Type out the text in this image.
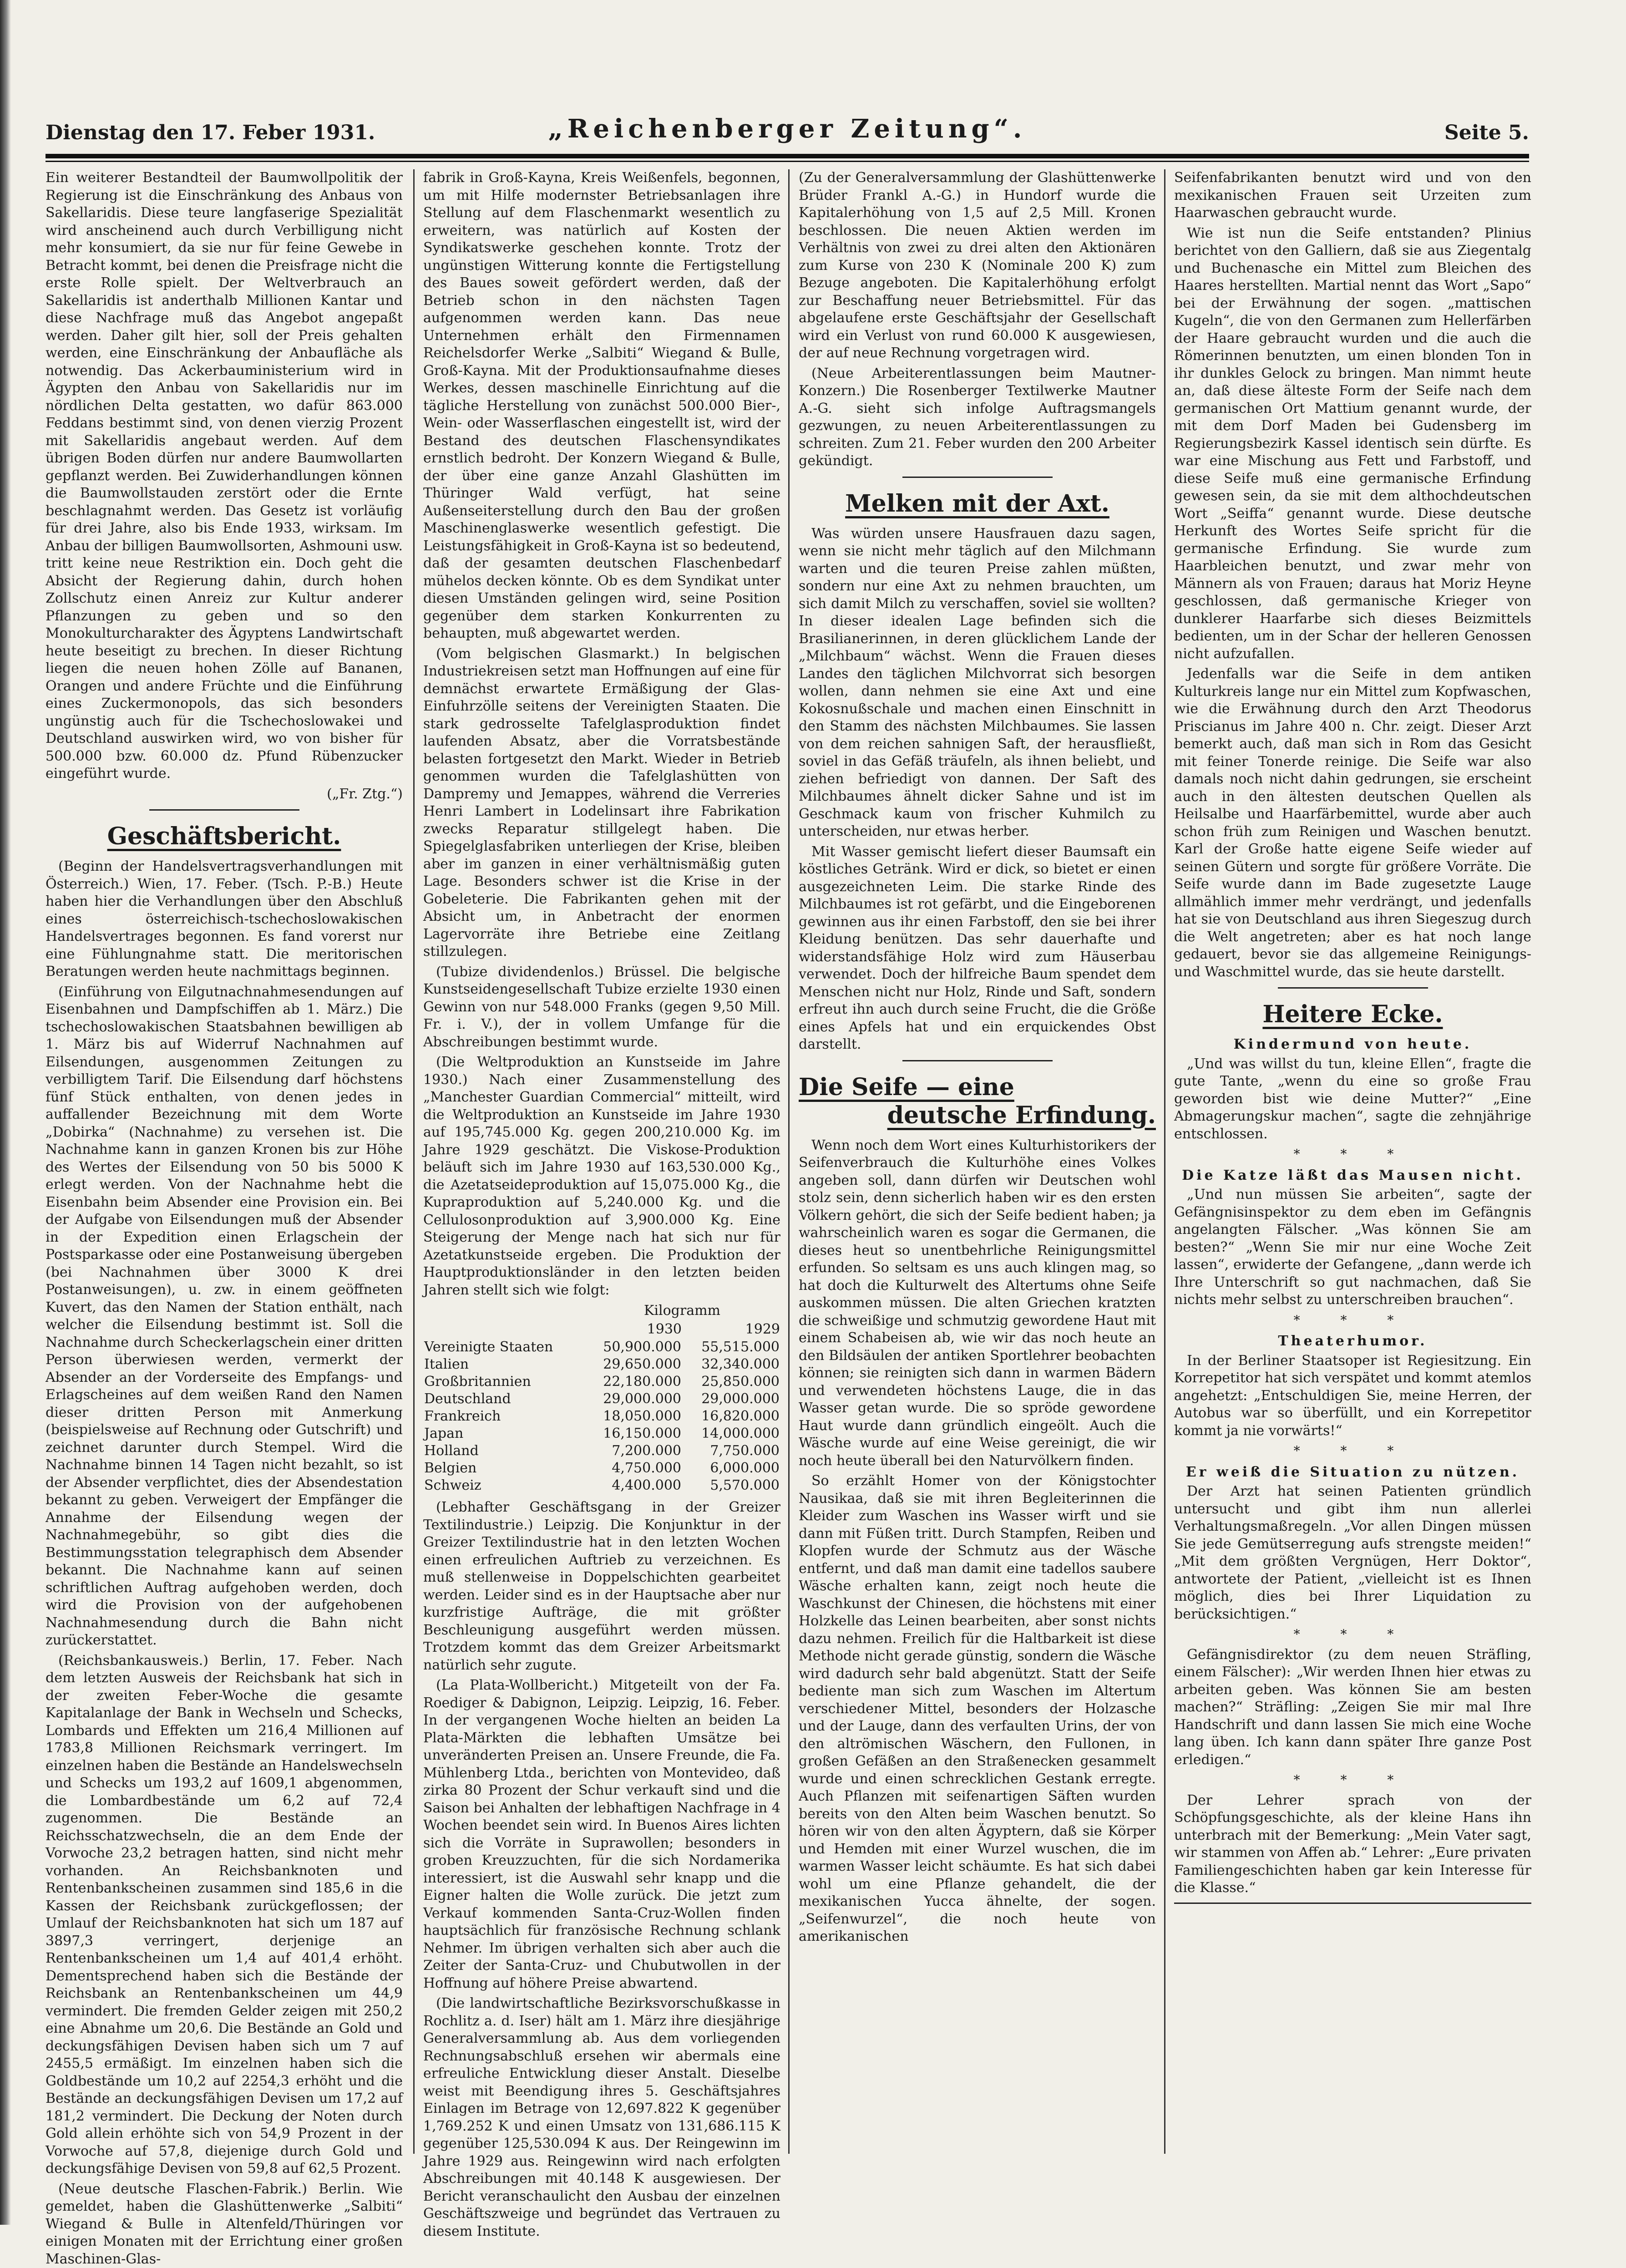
Dienstag den 17. Feber 1931.	„Reichenberger Zeitung“.	Seite 5.

Ein weiterer Bestandteil der Baumwollpolitik der Regierung ist die Einschränkung des Anbaus von Sakellaridis. Diese teure langfaserige Spezialität wird anscheinend auch durch Verbilligung nicht mehr konsumiert, da sie nur für feine Gewebe in Betracht kommt, bei denen die Preisfrage nicht die erste Rolle spielt. Der Weltverbrauch an Sakellaridis ist anderthalb Millionen Kantar und diese Nachfrage muß das Angebot angepaßt werden. Daher gilt hier, soll der Preis gehalten werden, eine Einschränkung der Anbaufläche als notwendig. Das Ackerbauministerium wird in Ägypten den Anbau von Sakellaridis nur im nördlichen Delta gestatten, wo dafür 863.000 Feddans bestimmt sind, von denen vierzig Prozent mit Sakellaridis angebaut werden. Auf dem übrigen Boden dürfen nur andere Baumwollarten gepflanzt werden. Bei Zuwiderhandlungen können die Baumwollstauden zerstört oder die Ernte beschlagnahmt werden. Das Gesetz ist vorläufig für drei Jahre, also bis Ende 1933, wirksam. Im Anbau der billigen Baumwollsorten, Ashmouni usw. tritt keine neue Restriktion ein. Doch geht die Absicht der Regierung dahin, durch hohen Zollschutz einen Anreiz zur Kultur anderer Pflanzungen zu geben und so den Monokulturcharakter des Ägyptens Landwirtschaft heute beseitigt zu brechen. In dieser Richtung liegen die neuen hohen Zölle auf Bananen, Orangen und andere Früchte und die Einführung eines Zuckermonopols, das sich besonders ungünstig auch für die Tschechoslowakei und Deutschland auswirken wird, wo von bisher für 500.000 bzw. 60.000 dz. Pfund Rübenzucker eingeführt wurde.

(„Fr. Ztg.“)

Geschäftsbericht.

(Beginn der Handelsvertragsverhandlungen mit Österreich.) Wien, 17. Feber. (Tsch. P.-B.) Heute haben hier die Verhandlungen über den Abschluß eines österreichisch-tschechoslowakischen Handelsvertrages begonnen. Es fand vorerst nur eine Fühlungnahme statt. Die meritorischen Beratungen werden heute nachmittags beginnen.

(Einführung von Eilgutnachnahmesendungen auf Eisenbahnen und Dampfschiffen ab 1. März.) Die tschechoslowakischen Staatsbahnen bewilligen ab 1. März bis auf Widerruf Nachnahmen auf Eilsendungen, ausgenommen Zeitungen zu verbilligtem Tarif. Die Eilsendung darf höchstens fünf Stück enthalten, von denen jedes in auffallender Bezeichnung mit dem Worte „Dobirka“ (Nachnahme) zu versehen ist. Die Nachnahme kann in ganzen Kronen bis zur Höhe des Wertes der Eilsendung von 50 bis 5000 K erlegt werden. Von der Nachnahme hebt die Eisenbahn beim Absender eine Provision ein. Bei der Aufgabe von Eilsendungen muß der Absender in der Expedition einen Erlagschein der Postsparkasse oder eine Postanweisung übergeben (bei Nachnahmen über 3000 K drei Postanweisungen), u. zw. in einem geöffneten Kuvert, das den Namen der Station enthält, nach welcher die Eilsendung bestimmt ist. Soll die Nachnahme durch Scheckerlagschein einer dritten Person überwiesen werden, vermerkt der Absender an der Vorderseite des Empfangs- und Erlagscheines auf dem weißen Rand den Namen dieser dritten Person mit Anmerkung (beispielsweise auf Rechnung oder Gutschrift) und zeichnet darunter durch Stempel. Wird die Nachnahme binnen 14 Tagen nicht bezahlt, so ist der Absender verpflichtet, dies der Absendestation bekannt zu geben. Verweigert der Empfänger die Annahme der Eilsendung wegen der Nachnahmegebühr, so gibt dies die Bestimmungsstation telegraphisch dem Absender bekannt. Die Nachnahme kann auf seinen schriftlichen Auftrag aufgehoben werden, doch wird die Provision von der aufgehobenen Nachnahmesendung durch die Bahn nicht zurückerstattet.

(Reichsbankausweis.) Berlin, 17. Feber. Nach dem letzten Ausweis der Reichsbank hat sich in der zweiten Feber-Woche die gesamte Kapitalanlage der Bank in Wechseln und Schecks, Lombards und Effekten um 216,4 Millionen auf 1783,8 Millionen Reichsmark verringert. Im einzelnen haben die Bestände an Handelswechseln und Schecks um 193,2 auf 1609,1 abgenommen, die Lombardbestände um 6,2 auf 72,4 zugenommen. Die Bestände an Reichsschatzwechseln, die an dem Ende der Vorwoche 23,2 betragen hatten, sind nicht mehr vorhanden. An Reichsbanknoten und Rentenbankscheinen zusammen sind 185,6 in die Kassen der Reichsbank zurückgeflossen; der Umlauf der Reichsbanknoten hat sich um 187 auf 3897,3 verringert, derjenige an Rentenbankscheinen um 1,4 auf 401,4 erhöht. Dementsprechend haben sich die Bestände der Reichsbank an Rentenbankscheinen um 44,9 vermindert. Die fremden Gelder zeigen mit 250,2 eine Abnahme um 20,6. Die Bestände an Gold und deckungsfähigen Devisen haben sich um 7 auf 2455,5 ermäßigt. Im einzelnen haben sich die Goldbestände um 10,2 auf 2254,3 erhöht und die Bestände an deckungsfähigen Devisen um 17,2 auf 181,2 vermindert. Die Deckung der Noten durch Gold allein erhöhte sich von 54,9 Prozent in der Vorwoche auf 57,8, diejenige durch Gold und deckungsfähige Devisen von 59,8 auf 62,5 Prozent.

(Neue deutsche Flaschen-Fabrik.) Berlin. Wie gemeldet, haben die Glashüttenwerke „Salbiti“ Wiegand & Bulle in Altenfeld/Thüringen vor einigen Monaten mit der Errichtung einer großen Maschinen-Glas-

fabrik in Groß-Kayna, Kreis Weißenfels, begonnen, um mit Hilfe modernster Betriebsanlagen ihre Stellung auf dem Flaschenmarkt wesentlich zu erweitern, was natürlich auf Kosten der Syndikatswerke geschehen konnte. Trotz der ungünstigen Witterung konnte die Fertigstellung des Baues soweit gefördert werden, daß der Betrieb schon in den nächsten Tagen aufgenommen werden kann. Das neue Unternehmen erhält den Firmennamen Reichelsdorfer Werke „Salbiti“ Wiegand & Bulle, Groß-Kayna. Mit der Produktionsaufnahme dieses Werkes, dessen maschinelle Einrichtung auf die tägliche Herstellung von zunächst 500.000 Bier-, Wein- oder Wasserflaschen eingestellt ist, wird der Bestand des deutschen Flaschensyndikates ernstlich bedroht. Der Konzern Wiegand & Bulle, der über eine ganze Anzahl Glashütten im Thüringer Wald verfügt, hat seine Außenseiterstellung durch den Bau der großen Maschinenglaswerke wesentlich gefestigt. Die Leistungsfähigkeit in Groß-Kayna ist so bedeutend, daß der gesamten deutschen Flaschenbedarf mühelos decken könnte. Ob es dem Syndikat unter diesen Umständen gelingen wird, seine Position gegenüber dem starken Konkurrenten zu behaupten, muß abgewartet werden.

(Vom belgischen Glasmarkt.) In belgischen Industriekreisen setzt man Hoffnungen auf eine für demnächst erwartete Ermäßigung der Glas-Einfuhrzölle seitens der Vereinigten Staaten. Die stark gedrosselte Tafelglasproduktion findet laufenden Absatz, aber die Vorratsbestände belasten fortgesetzt den Markt. Wieder in Betrieb genommen wurden die Tafelglashütten von Dampremy und Jemappes, während die Verreries Henri Lambert in Lodelinsart ihre Fabrikation zwecks Reparatur stillgelegt haben. Die Spiegelglasfabriken unterliegen der Krise, bleiben aber im ganzen in einer verhältnismäßig guten Lage. Besonders schwer ist die Krise in der Gobeleterie. Die Fabrikanten gehen mit der Absicht um, in Anbetracht der enormen Lagervorräte ihre Betriebe eine Zeitlang stillzulegen.

(Tubize dividendenlos.) Brüssel. Die belgische Kunstseidengesellschaft Tubize erzielte 1930 einen Gewinn von nur 548.000 Franks (gegen 9,50 Mill. Fr. i. V.), der in vollem Umfange für die Abschreibungen bestimmt wurde.

(Die Weltproduktion an Kunstseide im Jahre 1930.) Nach einer Zusammenstellung des „Manchester Guardian Commercial“ mitteilt, wird die Weltproduktion an Kunstseide im Jahre 1930 auf 195,745.000 Kg. gegen 200,210.000 Kg. im Jahre 1929 geschätzt. Die Viskose-Produktion beläuft sich im Jahre 1930 auf 163,530.000 Kg., die Azetatseideproduktion auf 15,075.000 Kg., die Kupraproduktion auf 5,240.000 Kg. und die Cellulosonproduktion auf 3,900.000 Kg. Eine Steigerung der Menge nach hat sich nur für Azetatkunstseide ergeben. Die Produktion der Hauptproduktionsländer in den letzten beiden Jahren stellt sich wie folgt:

	Kilogramm	
	1930	1929
Vereinigte Staaten	50,900.000	55,515.000
Italien	29,650.000	32,340.000
Großbritannien	22,180.000	25,850.000
Deutschland	29,000.000	29,000.000
Frankreich	18,050.000	16,820.000
Japan	16,150.000	14,000.000
Holland	7,200.000	7,750.000
Belgien	4,750.000	6,000.000
Schweiz	4,400.000	5,570.000

(Lebhafter Geschäftsgang in der Greizer Textilindustrie.) Leipzig. Die Konjunktur in der Greizer Textilindustrie hat in den letzten Wochen einen erfreulichen Auftrieb zu verzeichnen. Es muß stellenweise in Doppelschichten gearbeitet werden. Leider sind es in der Hauptsache aber nur kurzfristige Aufträge, die mit größter Beschleunigung ausgeführt werden müssen. Trotzdem kommt das dem Greizer Arbeitsmarkt natürlich sehr zugute.

(La Plata-Wollbericht.) Mitgeteilt von der Fa. Roediger & Dabignon, Leipzig. Leipzig, 16. Feber. In der vergangenen Woche hielten an beiden La Plata-Märkten die lebhaften Umsätze bei unveränderten Preisen an. Unsere Freunde, die Fa. Mühlenberg Ltda., berichten von Montevideo, daß zirka 80 Prozent der Schur verkauft sind und die Saison bei Anhalten der lebhaftigen Nachfrage in 4 Wochen beendet sein wird. In Buenos Aires lichten sich die Vorräte in Suprawollen; besonders in groben Kreuzzuchten, für die sich Nordamerika interessiert, ist die Auswahl sehr knapp und die Eigner halten die Wolle zurück. Die jetzt zum Verkauf kommenden Santa-Cruz-Wollen finden hauptsächlich für französische Rechnung schlank Nehmer. Im übrigen verhalten sich aber auch die Zeiter der Santa-Cruz- und Chubutwollen in der Hoffnung auf höhere Preise abwartend.

(Die landwirtschaftliche Bezirksvorschußkasse in Rochlitz a. d. Iser) hält am 1. März ihre diesjährige Generalversammlung ab. Aus dem vorliegenden Rechnungsabschluß ersehen wir abermals eine erfreuliche Entwicklung dieser Anstalt. Dieselbe weist mit Beendigung ihres 5. Geschäftsjahres Einlagen im Betrage von 12,697.822 K gegenüber 1,769.252 K und einen Umsatz von 131,686.115 K gegenüber 125,530.094 K aus. Der Reingewinn im Jahre 1929 aus. Reingewinn wird nach erfolgten Abschreibungen mit 40.148 K ausgewiesen. Der Bericht veranschaulicht den Ausbau der einzelnen Geschäftszweige und begründet das Vertrauen zu diesem Institute.

(Zu der Generalversammlung der Glashüttenwerke Brüder Frankl A.-G.) in Hundorf wurde die Kapitalerhöhung von 1,5 auf 2,5 Mill. Kronen beschlossen. Die neuen Aktien werden im Verhältnis von zwei zu drei alten den Aktionären zum Kurse von 230 K (Nominale 200 K) zum Bezuge angeboten. Die Kapitalerhöhung erfolgt zur Beschaffung neuer Betriebsmittel. Für das abgelaufene erste Geschäftsjahr der Gesellschaft wird ein Verlust von rund 60.000 K ausgewiesen, der auf neue Rechnung vorgetragen wird.

(Neue Arbeiterentlassungen beim Mautner-Konzern.) Die Rosenberger Textilwerke Mautner A.-G. sieht sich infolge Auftragsmangels gezwungen, zu neuen Arbeiterentlassungen zu schreiten. Zum 21. Feber wurden den 200 Arbeiter gekündigt.

Melken mit der Axt.

Was würden unsere Hausfrauen dazu sagen, wenn sie nicht mehr täglich auf den Milchmann warten und die teuren Preise zahlen müßten, sondern nur eine Axt zu nehmen brauchten, um sich damit Milch zu verschaffen, soviel sie wollten? In dieser idealen Lage befinden sich die Brasilianerinnen, in deren glücklichem Lande der „Milchbaum“ wächst. Wenn die Frauen dieses Landes den täglichen Milchvorrat sich besorgen wollen, dann nehmen sie eine Axt und eine Kokosnußschale und machen einen Einschnitt in den Stamm des nächsten Milchbaumes. Sie lassen von dem reichen sahnigen Saft, der herausfließt, soviel in das Gefäß träufeln, als ihnen beliebt, und ziehen befriedigt von dannen. Der Saft des Milchbaumes ähnelt dicker Sahne und ist im Geschmack kaum von frischer Kuhmilch zu unterscheiden, nur etwas herber.

Mit Wasser gemischt liefert dieser Baumsaft ein köstliches Getränk. Wird er dick, so bietet er einen ausgezeichneten Leim. Die starke Rinde des Milchbaumes ist rot gefärbt, und die Eingeborenen gewinnen aus ihr einen Farbstoff, den sie bei ihrer Kleidung benützen. Das sehr dauerhafte und widerstandsfähige Holz wird zum Häuserbau verwendet. Doch der hilfreiche Baum spendet dem Menschen nicht nur Holz, Rinde und Saft, sondern erfreut ihn auch durch seine Frucht, die die Größe eines Apfels hat und ein erquickendes Obst darstellt.

Die Seife — eine
deutsche Erfindung.

Wenn noch dem Wort eines Kulturhistorikers der Seifenverbrauch die Kulturhöhe eines Volkes angeben soll, dann dürfen wir Deutschen wohl stolz sein, denn sicherlich haben wir es den ersten Völkern gehört, die sich der Seife bedient haben; ja wahrscheinlich waren es sogar die Germanen, die dieses heut so unentbehrliche Reinigungsmittel erfunden. So seltsam es uns auch klingen mag, so hat doch die Kulturwelt des Altertums ohne Seife auskommen müssen. Die alten Griechen kratzten die schweißige und schmutzig gewordene Haut mit einem Schabeisen ab, wie wir das noch heute an den Bildsäulen der antiken Sportlehrer beobachten können; sie reinigten sich dann in warmen Bädern und verwendeten höchstens Lauge, die in das Wasser getan wurde. Die so spröde gewordene Haut wurde dann gründlich eingeölt. Auch die Wäsche wurde auf eine Weise gereinigt, die wir noch heute überall bei den Naturvölkern finden.

So erzählt Homer von der Königstochter Nausikaa, daß sie mit ihren Begleiterinnen die Kleider zum Waschen ins Wasser wirft und sie dann mit Füßen tritt. Durch Stampfen, Reiben und Klopfen wurde der Schmutz aus der Wäsche entfernt, und daß man damit eine tadellos saubere Wäsche erhalten kann, zeigt noch heute die Waschkunst der Chinesen, die höchstens mit einer Holzkelle das Leinen bearbeiten, aber sonst nichts dazu nehmen. Freilich für die Haltbarkeit ist diese Methode nicht gerade günstig, sondern die Wäsche wird dadurch sehr bald abgenützt. Statt der Seife bediente man sich zum Waschen im Altertum verschiedener Mittel, besonders der Holzasche und der Lauge, dann des verfaulten Urins, der von den altrömischen Wäschern, den Fullonen, in großen Gefäßen an den Straßenecken gesammelt wurde und einen schrecklichen Gestank erregte. Auch Pflanzen mit seifenartigen Säften wurden bereits von den Alten beim Waschen benutzt. So hören wir von den alten Ägyptern, daß sie Körper und Hemden mit einer Wurzel wuschen, die im warmen Wasser leicht schäumte. Es hat sich dabei wohl um eine Pflanze gehandelt, die der mexikanischen Yucca ähnelte, der sogen. „Seifenwurzel“, die noch heute von amerikanischen

Seifenfabrikanten benutzt wird und von den mexikanischen Frauen seit Urzeiten zum Haarwaschen gebraucht wurde.

Wie ist nun die Seife entstanden? Plinius berichtet von den Galliern, daß sie aus Ziegentalg und Buchenasche ein Mittel zum Bleichen des Haares herstellten. Martial nennt das Wort „Sapo“ bei der Erwähnung der sogen. „mattischen Kugeln“, die von den Germanen zum Hellerfärben der Haare gebraucht wurden und die auch die Römerinnen benutzten, um einen blonden Ton in ihr dunkles Gelock zu bringen. Man nimmt heute an, daß diese älteste Form der Seife nach dem germanischen Ort Mattium genannt wurde, der mit dem Dorf Maden bei Gudensberg im Regierungsbezirk Kassel identisch sein dürfte. Es war eine Mischung aus Fett und Farbstoff, und diese Seife muß eine germanische Erfindung gewesen sein, da sie mit dem althochdeutschen Wort „Seiffa“ genannt wurde. Diese deutsche Herkunft des Wortes Seife spricht für die germanische Erfindung. Sie wurde zum Haarbleichen benutzt, und zwar mehr von Männern als von Frauen; daraus hat Moriz Heyne geschlossen, daß germanische Krieger von dunklerer Haarfarbe sich dieses Beizmittels bedienten, um in der Schar der helleren Genossen nicht aufzufallen.

Jedenfalls war die Seife in dem antiken Kulturkreis lange nur ein Mittel zum Kopfwaschen, wie die Erwähnung durch den Arzt Theodorus Priscianus im Jahre 400 n. Chr. zeigt. Dieser Arzt bemerkt auch, daß man sich in Rom das Gesicht mit feiner Tonerde reinige. Die Seife war also damals noch nicht dahin gedrungen, sie erscheint auch in den ältesten deutschen Quellen als Heilsalbe und Haarfärbemittel, wurde aber auch schon früh zum Reinigen und Waschen benutzt. Karl der Große hatte eigene Seife wieder auf seinen Gütern und sorgte für größere Vorräte. Die Seife wurde dann im Bade zugesetzte Lauge allmählich immer mehr verdrängt, und jedenfalls hat sie von Deutschland aus ihren Siegeszug durch die Welt angetreten; aber es hat noch lange gedauert, bevor sie das allgemeine Reinigungs- und Waschmittel wurde, das sie heute darstellt.

Heitere Ecke.
Kindermund von heute.

„Und was willst du tun, kleine Ellen“, fragte die gute Tante, „wenn du eine so große Frau geworden bist wie deine Mutter?“ „Eine Abmagerungskur machen“, sagte die zehnjährige entschlossen.

* * *
Die Katze läßt das Mausen nicht.

„Und nun müssen Sie arbeiten“, sagte der Gefängnisinspektor zu dem eben im Gefängnis angelangten Fälscher. „Was können Sie am besten?“ „Wenn Sie mir nur eine Woche Zeit lassen“, erwiderte der Gefangene, „dann werde ich Ihre Unterschrift so gut nachmachen, daß Sie nichts mehr selbst zu unterschreiben brauchen“.

* * *
Theaterhumor.

In der Berliner Staatsoper ist Regiesitzung. Ein Korrepetitor hat sich verspätet und kommt atemlos angehetzt: „Entschuldigen Sie, meine Herren, der Autobus war so überfüllt, und ein Korrepetitor kommt ja nie vorwärts!“

* * *
Er weiß die Situation zu nützen.

Der Arzt hat seinen Patienten gründlich untersucht und gibt ihm nun allerlei Verhaltungsmaßregeln. „Vor allen Dingen müssen Sie jede Gemütserregung aufs strengste meiden!“ „Mit dem größten Vergnügen, Herr Doktor“, antwortete der Patient, „vielleicht ist es Ihnen möglich, dies bei Ihrer Liquidation zu berücksichtigen.“

* * *

Gefängnisdirektor (zu dem neuen Sträfling, einem Fälscher): „Wir werden Ihnen hier etwas zu arbeiten geben. Was können Sie am besten machen?“ Sträfling: „Zeigen Sie mir mal Ihre Handschrift und dann lassen Sie mich eine Woche lang üben. Ich kann dann später Ihre ganze Post erledigen.“

* * *

Der Lehrer sprach von der Schöpfungsgeschichte, als der kleine Hans ihn unterbrach mit der Bemerkung: „Mein Vater sagt, wir stammen von Affen ab.“ Lehrer: „Eure privaten Familiengeschichten haben gar kein Interesse für die Klasse.“
